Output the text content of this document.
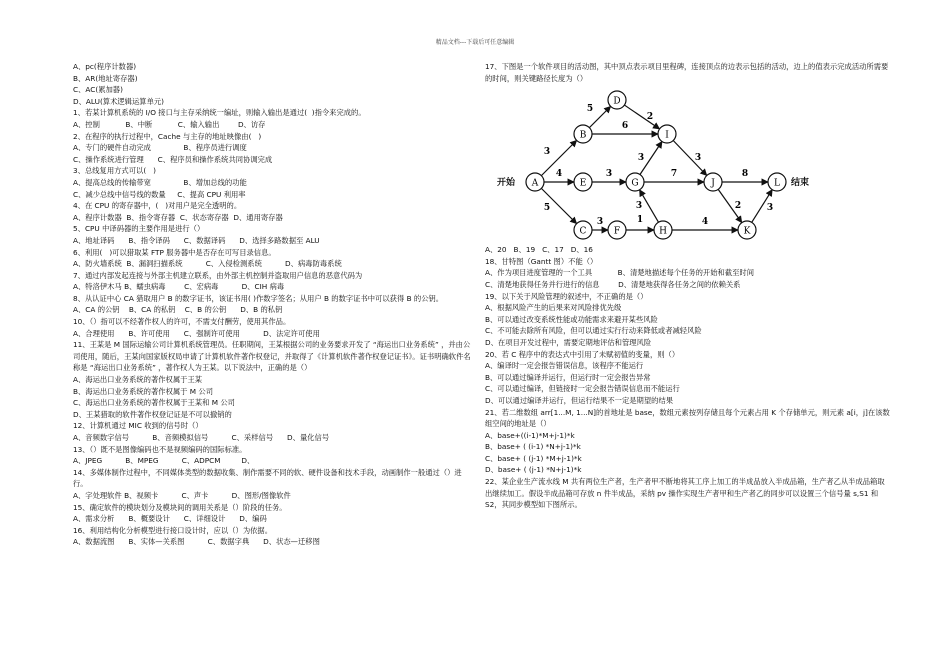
精品文档---下载后可任意编辑
A、pc(程序计数器)
B、AR(地址寄存器)
C、AC(累加器)
D、ALU(算术逻辑运算单元)
1、若某计算机系统的 I/O 接口与主存采纳统一编址，则输入输出是通过(  )指令来完成的。
A、控制           B、中断           C、输入输出        D、访存
2、在程序的执行过程中，Cache 与主存的地址映像由(   )
A、专门的硬件自动完成              B、程序员进行调度
C、操作系统进行管理      C、程序员和操作系统共同协调完成
3、总线复用方式可以(   )
A、提高总线的传输带宽              B、增加总线的功能
C、减少总线中信号线的数量     C、提高 CPU 利用率
4、在 CPU 的寄存器中，(   )对用户是完全透明的。
A、程序计数器  B、指令寄存器  C、状态寄存器  D、通用寄存器
5、CPU 中译码器的主要作用是进行（）
A、地址译码      B、指令译码      C、数据译码      D、选择多路数据至 ALU
6、利用(   )可以猎取某 FTP 服务器中是否存在可写目录信息。
A、防火墙系统  B、漏洞扫描系统          C、入侵检测系统          D、病毒防毒系统
7、通过内部发起连接与外部主机建立联系，由外部主机控制并盗取用户信息的恶意代码为
A、特洛伊木马 B、蠕虫病毒        C、宏病毒          D、CIH 病毒
8、从认证中心 CA 猎取用户 B 的数字证书，该证书用( )作数字签名；从用户 B 的数字证书中可以获得 B 的公钥。
A、CA 的公钥    B、CA 的私钥    C、B 的公钥      D、B 的私钥
10、（）指可以不经著作权人的许可，不需支付酬劳，使用其作品。
A、合理使用      B、许可使用      C、强制许可使用          D、法定许可使用
11、王某是 M 国际运输公司计算机系统管理员。任职期间，王某根据公司的业务要求开发了 “海运出口业务系统” ，并由公司使用，随后，王某向国家版权局申请了计算机软件著作权登记，并取得了《计算机软件著作权登记证书》。证书明确软件名称是 “海运出口业务系统” ，著作权人为王某。以下说法中，正确的是（）
A、海运出口业务系统的著作权属于王某
B、海运出口业务系统的著作权属于 M 公司
C、海运出口业务系统的著作权属于王某和 M 公司
D、王某猎取的软件著作权登记证是不可以撤销的
12、计算机通过 MIC 收到的信号时（）
A、音频数字信号          B、音频模拟信号          C、采样信号      D、量化信号
13、（）既不是图像编码也不是视频编码的国际标准。
A、JPEG          B、MPEG          C、ADPCM         D、
14、多媒体制作过程中，不同媒体类型的数据收集、制作需要不同的软、硬件设备和技术手段，动画制作一般通过（）进行。
A、字处理软件 B、视频卡          C、声卡          D、图形/图像软件
15、确定软件的模块划分及模块间的调用关系是（）阶段的任务。
A、需求分析      B、概要设计      C、详细设计      D、编码
16、利用结构化分析模型进行接口设计时，应以（）为依据。
A、数据流图      B、实体—关系图          C、数据字典      D、状态—迁移图
17、下图是一个软件项目的活动图，其中顶点表示项目里程碑，连接顶点的边表示包括的活动，边上的值表示完成活动所需要的时间，则关键路径长度为（）
3
5
6
2
4	3
3
7
3
5
3	1
3
4
8
2	3
A
B
C
D
E
F
G
H
I
J
K
L
开始	结束
A、20   B、19   C、17   D、16
18、甘特图（Gantt 图）不能（）
A、作为项目进度管理的一个工具           B、清楚地描述每个任务的开始和截至时间
C、清楚地获得任务并行进行的信息        D、清楚地获得各任务之间的依赖关系
19、以下关于风险管理的叙述中，不正确的是（）
A、根据风险产生的后果来对风险排优先级
B、可以通过改变系统性能或功能需求来避开某些风险
C、不可能去除所有风险，但可以通过实行行动来降低或者减轻风险
D、在项目开发过程中，需要定期地评估和管理风险
20、若 C 程序中的表达式中引用了未赋初值的变量，则（）
A、编译时一定会报告错误信息，该程序不能运行
B、可以通过编译并运行，但运行时一定会报告异常
C、可以通过编译，但链接时一定会报告错误信息而不能运行
D、可以通过编译并运行，但运行结果不一定是期望的结果
21、若二维数组 arr[1...M, 1...N]的首地址是 base，数组元素按列存储且每个元素占用 K 个存储单元，则元素 a[i，j]在该数组空间的地址是（）
A、base+((i-1)*M+j-1)*k
B、base+ ( (i-1) *N+j-1)*k
C、base+ ( (j-1) *M+j-1)*k
D、base+ ( (j-1) *N+j-1)*k
22、某企业生产流水线 M 共有两位生产者，生产者甲不断地将其工序上加工的半成品放入半成品箱，生产者乙从半成品箱取出继续加工。假设半成品箱可存放 n 件半成品，采纳 pv 操作实现生产者甲和生产者乙的同步可以设置三个信号量 s,S1 和 S2，其同步模型如下图所示。
